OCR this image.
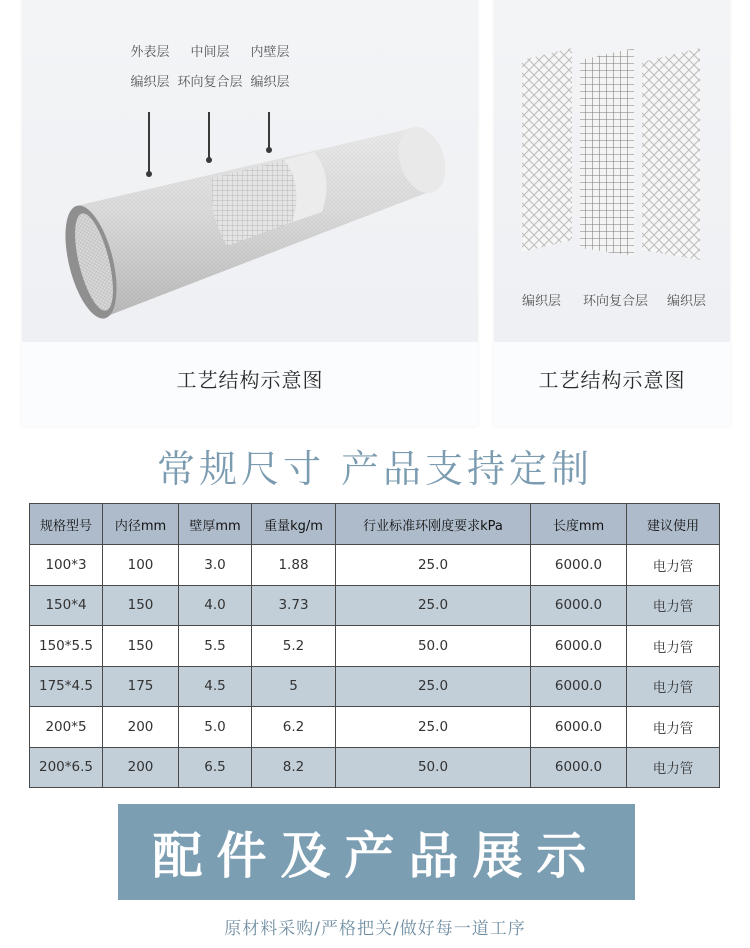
外表层
编织层
中间层
环向复合层
内壁层
编织层
工艺结构示意图
编织层 环向复合层 编织层
工艺结构示意图
常规尺寸 产品支持定制
规格型号	内径mm	壁厚mm	重量kg/m	行业标准环刚度要求kPa	长度mm	建议使用
100*3	100	3.0	1.88	25.0	6000.0	电力管
150*4	150	4.0	3.73	25.0	6000.0	电力管
150*5.5	150	5.5	5.2	50.0	6000.0	电力管
175*4.5	175	4.5	5	25.0	6000.0	电力管
200*5	200	5.0	6.2	25.0	6000.0	电力管
200*6.5	200	6.5	8.2	50.0	6000.0	电力管
配件及产品展示
原材料采购/严格把关/做好每一道工序
